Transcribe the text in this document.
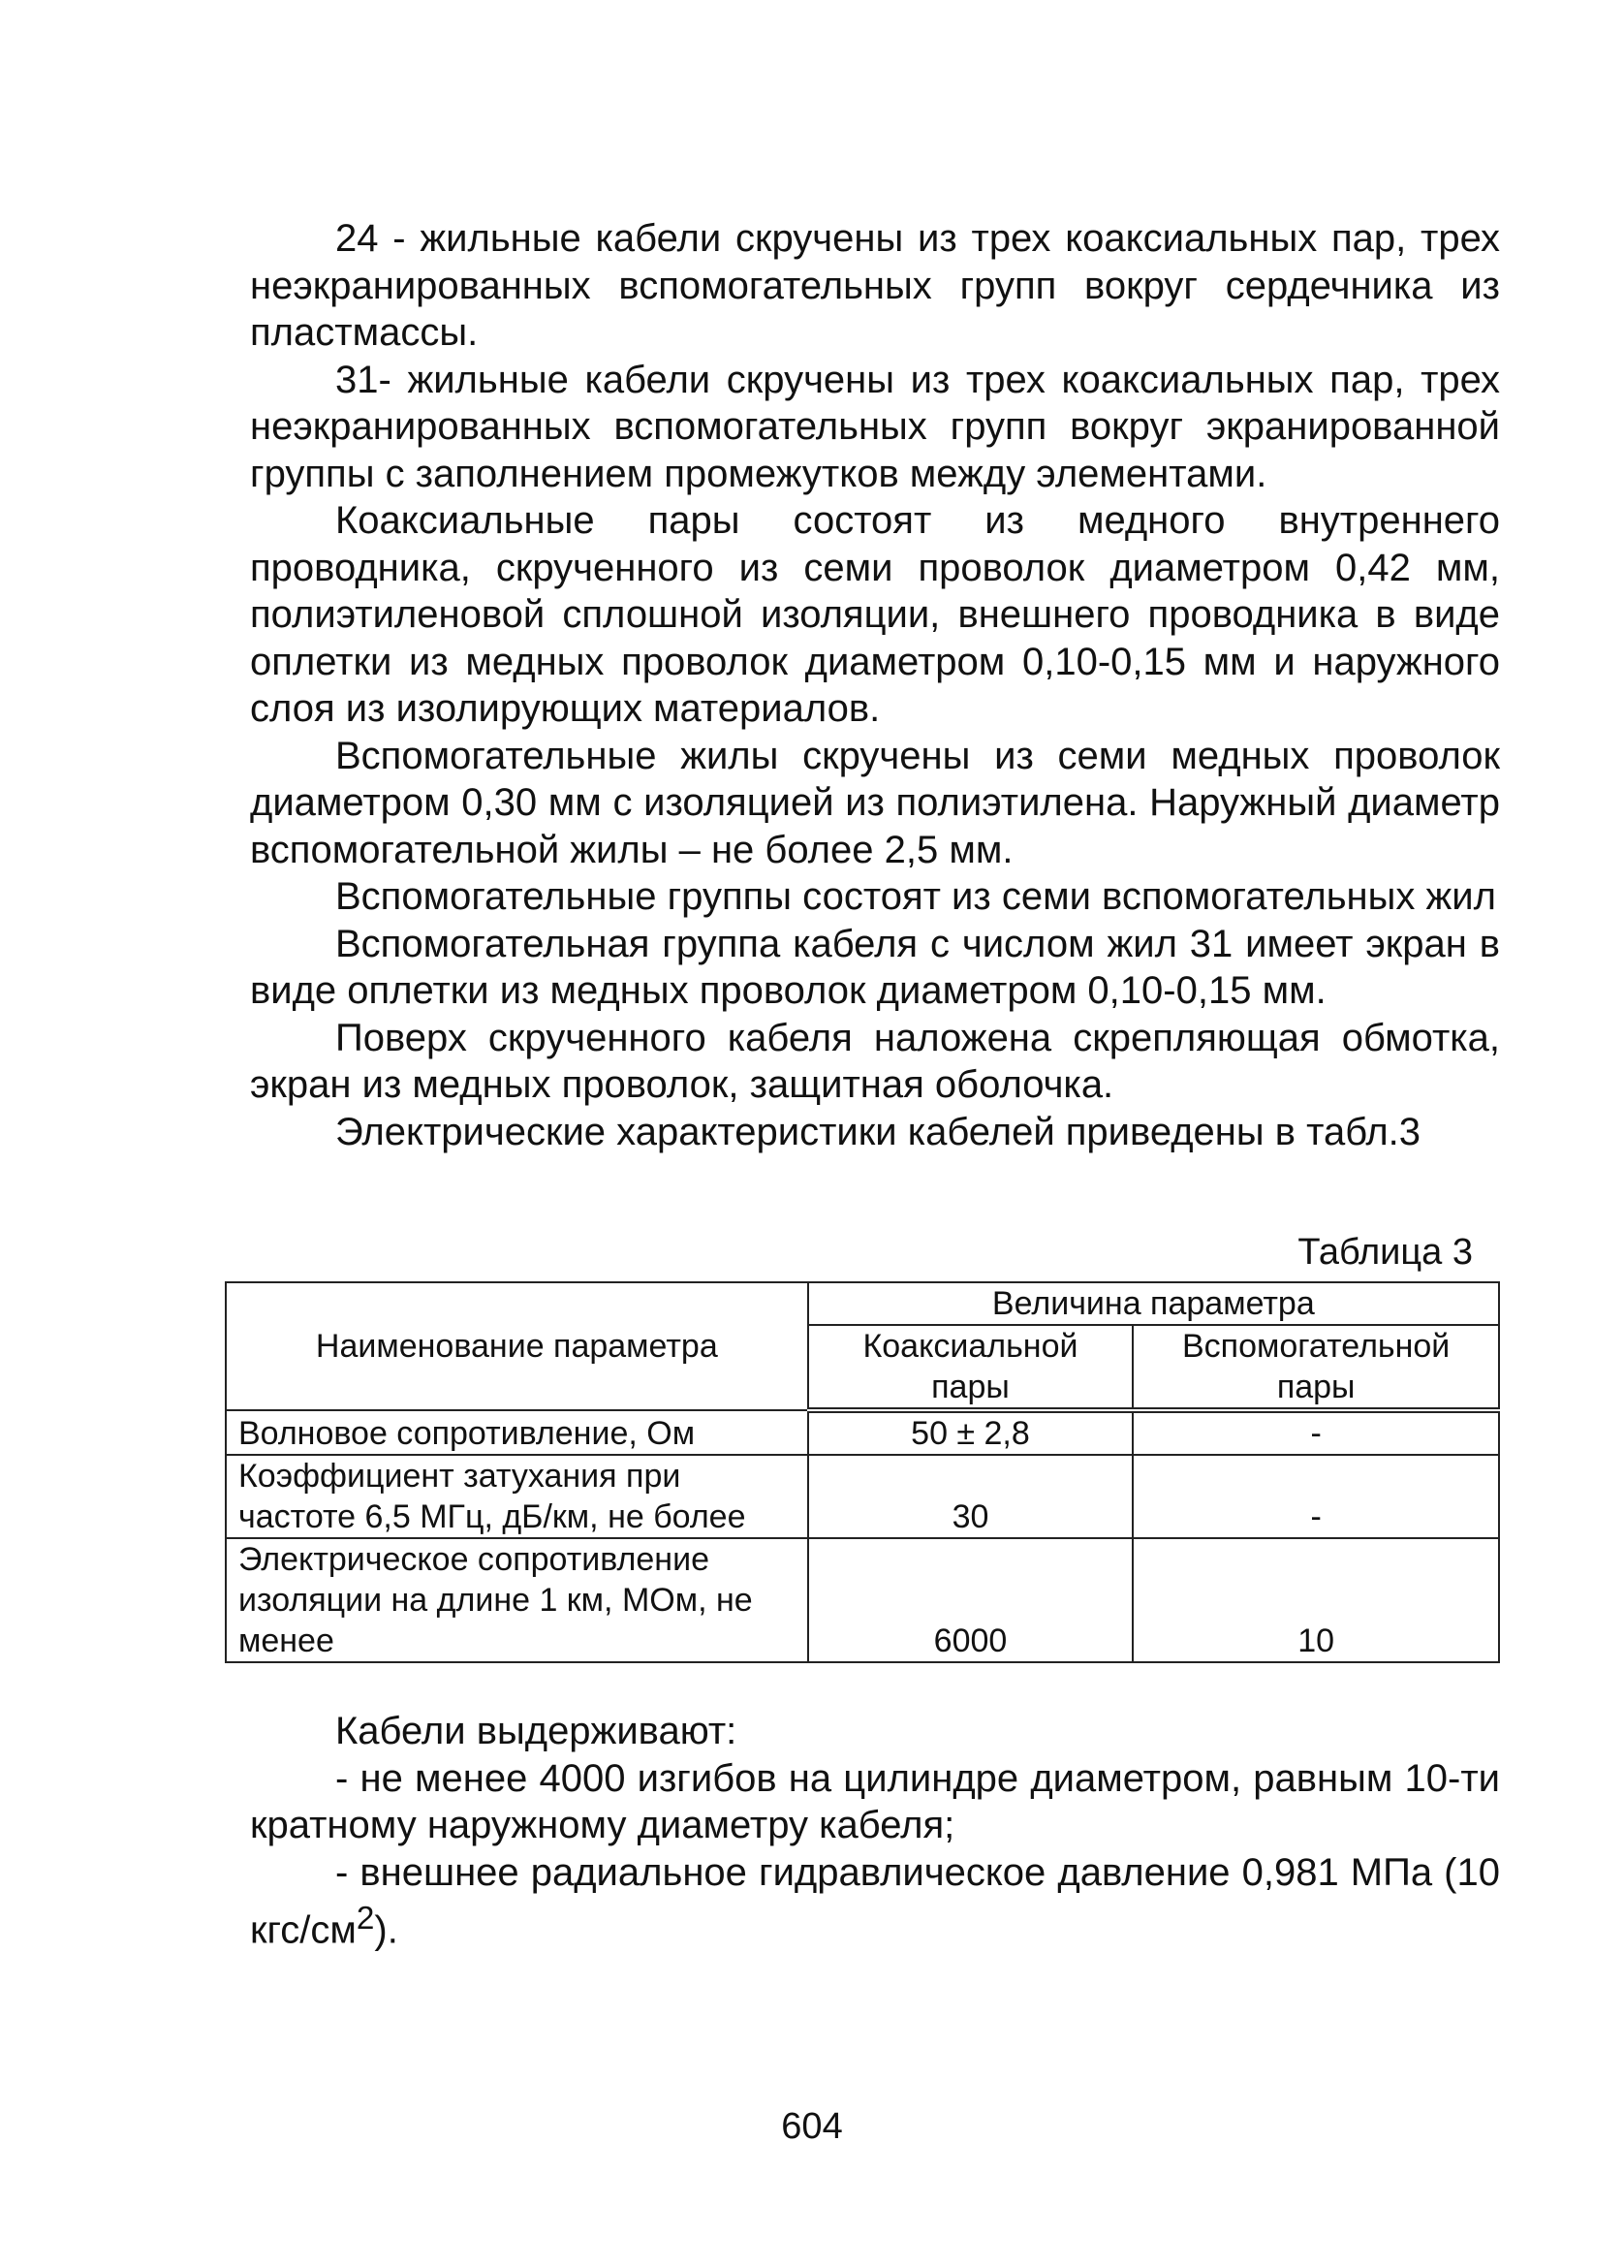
24 - жильные кабели скручены из трех коаксиальных пар, трех неэкранированных вспомогательных групп вокруг сердечника из пластмассы.

31- жильные кабели скручены из трех коаксиальных пар, трех неэкранированных вспомогательных групп вокруг экранированной группы с заполнением промежутков между элементами.

Коаксиальные пары состоят из медного внутреннего проводника, скрученного из семи проволок диаметром 0,42 мм, полиэтиленовой сплошной изоляции, внешнего проводника в виде оплетки из медных проволок диаметром 0,10-0,15 мм и наружного слоя из изолирующих материалов.

Вспомогательные жилы скручены из семи медных проволок диаметром 0,30 мм с изоляцией из полиэтилена. Наружный диаметр вспомогательной жилы – не более 2,5 мм.

Вспомогательные группы состоят из семи вспомогательных жил

Вспомогательная группа кабеля с числом жил 31 имеет экран в виде оплетки из медных проволок диаметром 0,10-0,15 мм.

Поверх скрученного кабеля наложена скрепляющая обмотка, экран из медных проволок, защитная оболочка.

Электрические характеристики кабелей приведены в табл.3

Таблица 3
Наименование параметра	Величина параметра	
	Коаксиальной пары	Вспомогательной пары
Волновое сопротивление, Ом	50 ± 2,8	-
Коэффициент затухания при частоте 6,5 МГц, дБ/км, не более	30	-
Электрическое сопротивление изоляции на длине 1 км, МОм, не менее	6000	10

Кабели выдерживают:

- не менее 4000 изгибов на цилиндре диаметром, равным 10-ти кратному наружному диаметру кабеля;

- внешнее радиальное гидравлическое давление 0,981 МПа (10 кгс/$см^2$).

604
